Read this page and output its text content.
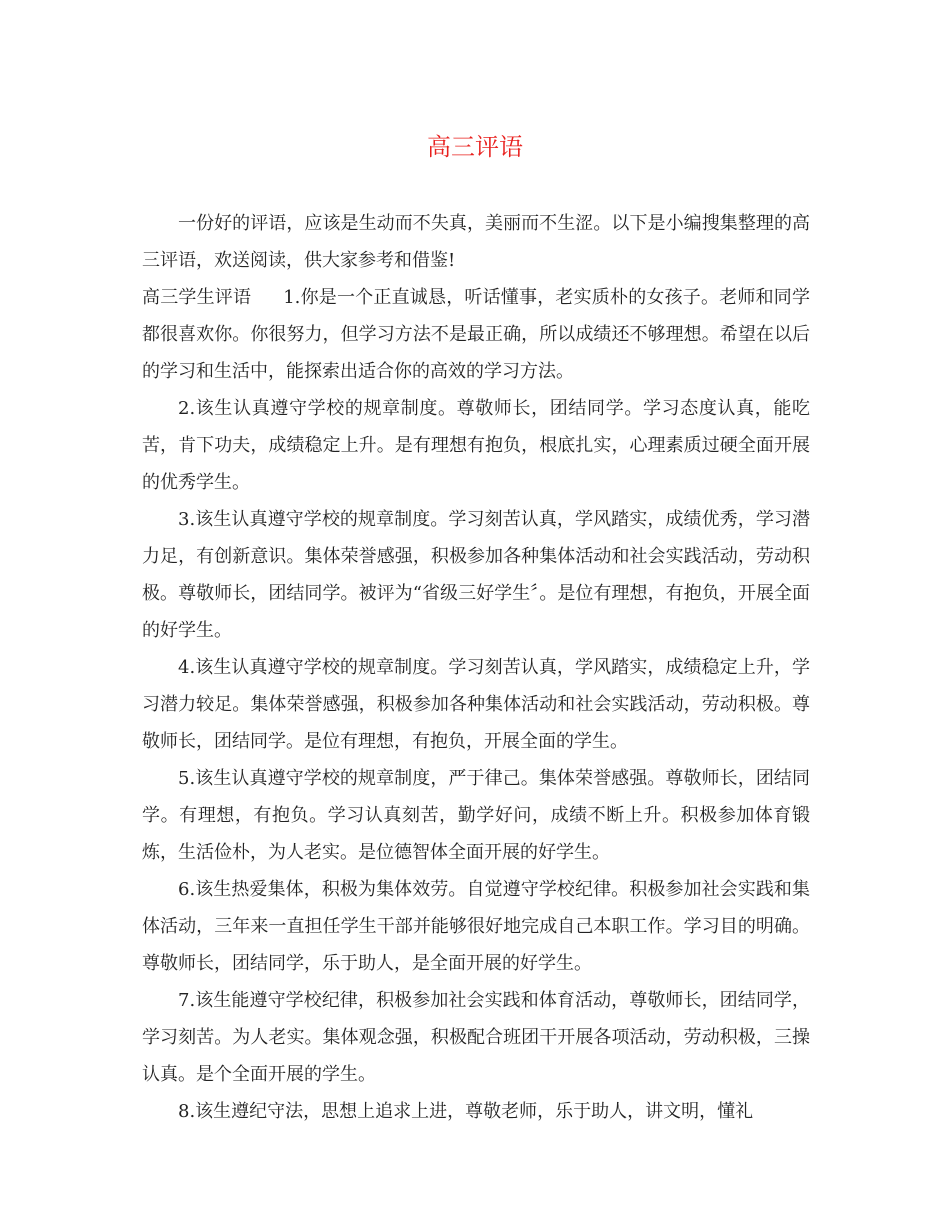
高三评语

一份好的评语，应该是生动而不失真，美丽而不生涩。以下是小编搜集整理的高三评语，欢送阅读，供大家参考和借鉴!

高三学生评语 1.你是一个正直诚恳，听话懂事，老实质朴的女孩子。老师和同学都很喜欢你。你很努力，但学习方法不是最正确，所以成绩还不够理想。希望在以后的学习和生活中，能探索出适合你的高效的学习方法。

2.该生认真遵守学校的规章制度。尊敬师长，团结同学。学习态度认真，能吃苦，肯下功夫，成绩稳定上升。是有理想有抱负，根底扎实，心理素质过硬全面开展的优秀学生。

3.该生认真遵守学校的规章制度。学习刻苦认真，学风踏实，成绩优秀，学习潜力足，有创新意识。集体荣誉感强，积极参加各种集体活动和社会实践活动，劳动积极。尊敬师长，团结同学。被评为“省级三好学生〞。是位有理想，有抱负，开展全面的好学生。

4.该生认真遵守学校的规章制度。学习刻苦认真，学风踏实，成绩稳定上升，学习潜力较足。集体荣誉感强，积极参加各种集体活动和社会实践活动，劳动积极。尊敬师长，团结同学。是位有理想，有抱负，开展全面的学生。

5.该生认真遵守学校的规章制度，严于律己。集体荣誉感强。尊敬师长，团结同学。有理想，有抱负。学习认真刻苦，勤学好问，成绩不断上升。积极参加体育锻炼，生活俭朴，为人老实。是位德智体全面开展的好学生。

6.该生热爱集体，积极为集体效劳。自觉遵守学校纪律。积极参加社会实践和集体活动，三年来一直担任学生干部并能够很好地完成自己本职工作。学习目的明确。尊敬师长，团结同学，乐于助人，是全面开展的好学生。

7.该生能遵守学校纪律，积极参加社会实践和体育活动，尊敬师长，团结同学，学习刻苦。为人老实。集体观念强，积极配合班团干开展各项活动，劳动积极，三操认真。是个全面开展的学生。

8.该生遵纪守法，思想上追求上进，尊敬老师，乐于助人，讲文明，懂礼
